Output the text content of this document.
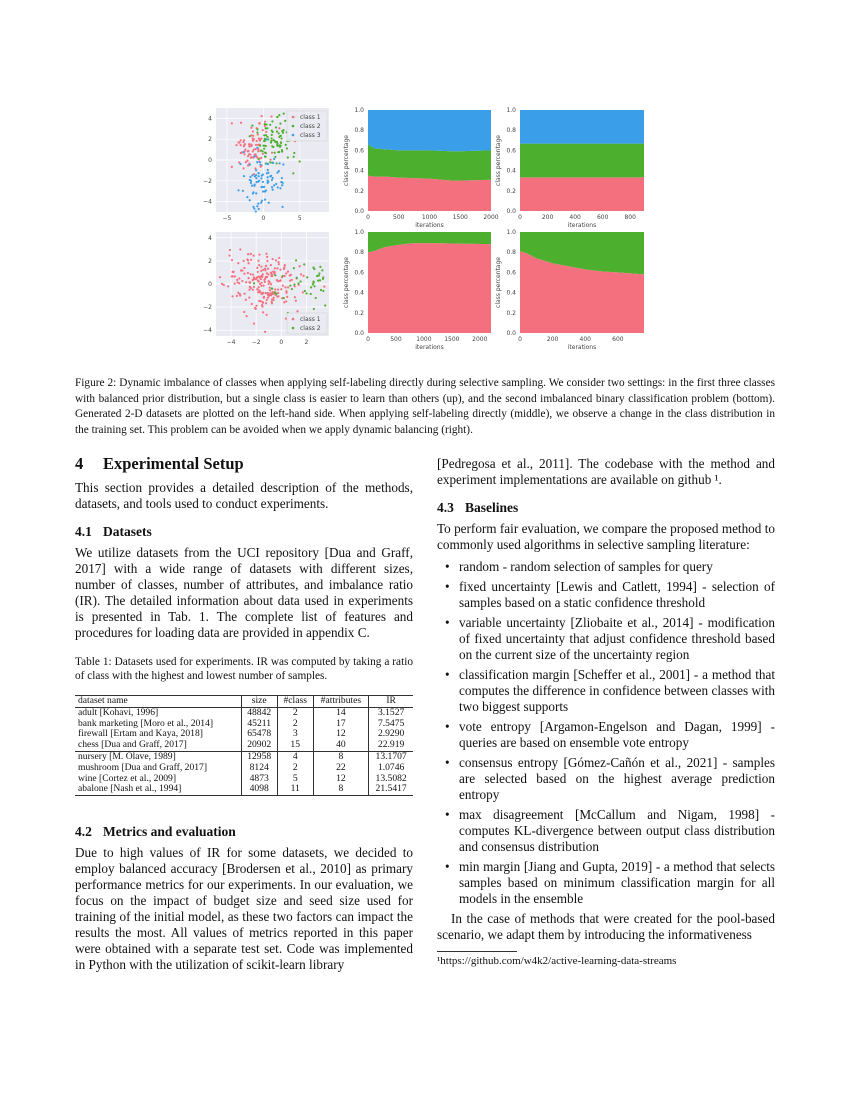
−5	0	5
4
2
0
−2
−4
class 1
class 2
class 3
0.0
0.2
0.4
0.6
0.8
1.0
0	500	1000	1500	2000
iterations
class percentage
0.0
0.2
0.4
0.6
0.8
1.0
0	200	400	600	800
iterations
class percentage
−4	−2	0	2
4
2
0
−2
−4
class 1
class 2
0.0
0.2
0.4
0.6
0.8
1.0
0	500 1000 1500 2000
iterations
class percentage
0.0
0.2
0.4
0.6
0.8
1.0
0	200	400	600
iterations
class percentage
Figure 2: Dynamic imbalance of classes when applying self-labeling directly during selective sampling. We consider two settings: in the first three classes with balanced prior distribution, but a single class is easier to learn than others (up), and the second imbalanced binary classification problem (bottom). Generated 2-D datasets are plotted on the left-hand side. When applying self-labeling directly (middle), we observe a change in the class distribution in the training set. This problem can be avoided when we apply dynamic balancing (right).
4 Experimental Setup

This section provides a detailed description of the methods, datasets, and tools used to conduct experiments.

4.1 Datasets

We utilize datasets from the UCI repository [Dua and Graff, 2017] with a wide range of datasets with different sizes, number of classes, number of attributes, and imbalance ratio (IR). The detailed information about data used in experiments is presented in Tab. 1. The complete list of features and procedures for loading data are provided in appendix C.

Table 1: Datasets used for experiments. IR was computed by taking a ratio of class with the highest and lowest number of samples.
dataset name	size	#class	#attributes	IR
adult [Kohavi, 1996]	48842	2	14	3.1527
bank marketing [Moro et al., 2014]	45211	2	17	7.5475
firewall [Ertam and Kaya, 2018]	65478	3	12	2.9290
chess [Dua and Graff, 2017]	20902	15	40	22.919
nursery [M. Olave, 1989]	12958	4	8	13.1707
mushroom [Dua and Graff, 2017]	8124	2	22	1.0746
wine [Cortez et al., 2009]	4873	5	12	13.5082
abalone [Nash et al., 1994]	4098	11	8	21.5417
4.2 Metrics and evaluation

Due to high values of IR for some datasets, we decided to employ balanced accuracy [Brodersen et al., 2010] as primary performance metrics for our experiments. In our evaluation, we focus on the impact of budget size and seed size used for training of the initial model, as these two factors can impact the results the most. All values of metrics reported in this paper were obtained with a separate test set. Code was implemented in Python with the utilization of scikit-learn library

[Pedregosa et al., 2011]. The codebase with the method and experiment implementations are available on github ¹.

4.3 Baselines

To perform fair evaluation, we compare the proposed method to commonly used algorithms in selective sampling literature:

• random - random selection of samples for query
• fixed uncertainty [Lewis and Catlett, 1994] - selection of samples based on a static confidence threshold
• variable uncertainty [Zliobaite et al., 2014] - modification of fixed uncertainty that adjust confidence threshold based on the current size of the uncertainty region
• classification margin [Scheffer et al., 2001] - a method that computes the difference in confidence between classes with two biggest supports
• vote entropy [Argamon-Engelson and Dagan, 1999] - queries are based on ensemble vote entropy
• consensus entropy [Gómez-Cañón et al., 2021] - samples are selected based on the highest average prediction entropy
• max disagreement [McCallum and Nigam, 1998] - computes KL-divergence between output class distribution and consensus distribution
• min margin [Jiang and Gupta, 2019] - a method that selects samples based on minimum classification margin for all models in the ensemble

In the case of methods that were created for the pool-based scenario, we adapt them by introducing the informativeness

¹https://github.com/w4k2/active-learning-data-streams
